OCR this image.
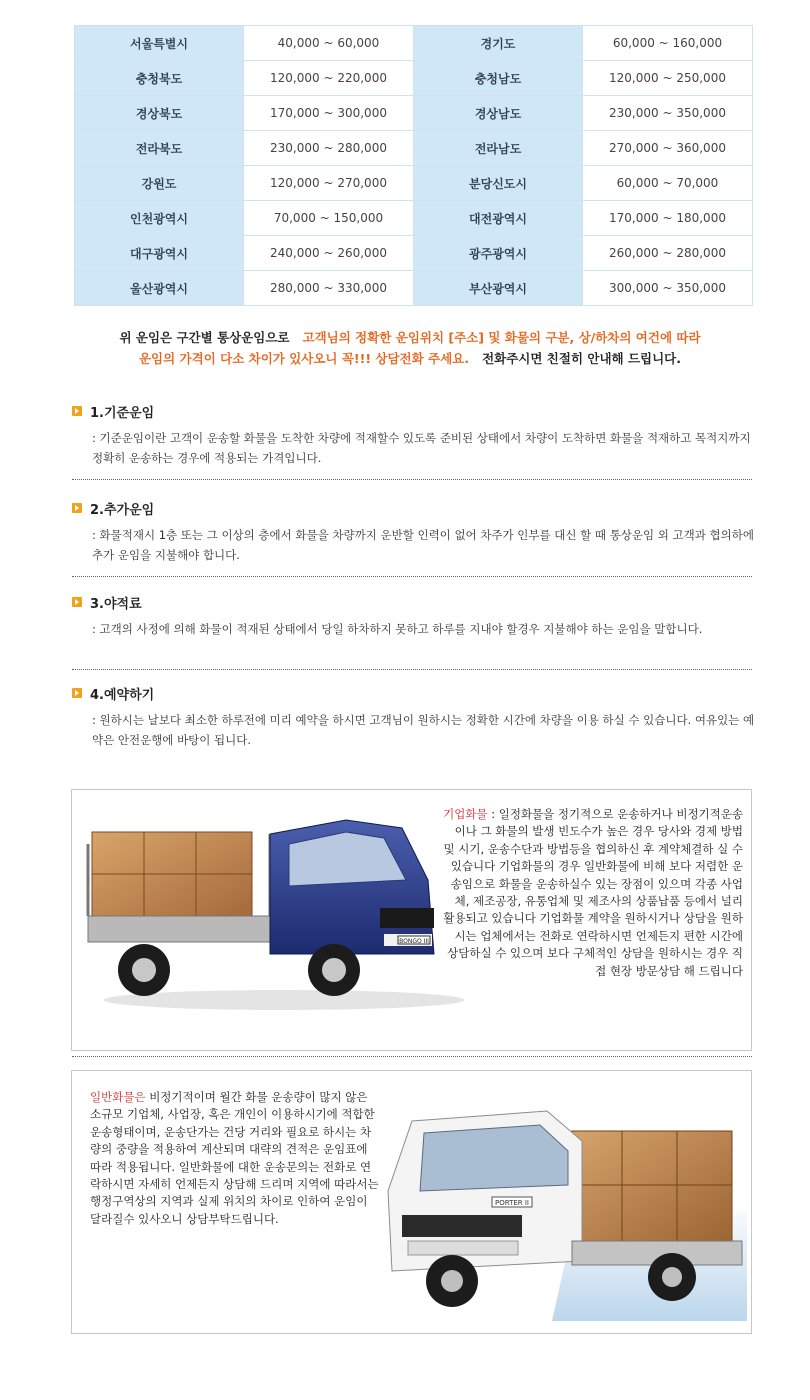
서울특별시	40,000 ~ 60,000	경기도	60,000 ~ 160,000
충청북도	120,000 ~ 220,000	충청남도	120,000 ~ 250,000
경상북도	170,000 ~ 300,000	경상남도	230,000 ~ 350,000
전라북도	230,000 ~ 280,000	전라남도	270,000 ~ 360,000
강원도	120,000 ~ 270,000	분당신도시	60,000 ~ 70,000
인천광역시	70,000 ~ 150,000	대전광역시	170,000 ~ 180,000
대구광역시	240,000 ~ 260,000	광주광역시	260,000 ~ 280,000
울산광역시	280,000 ~ 330,000	부산광역시	300,000 ~ 350,000
위 운임은 구간별 통상운임으로 고객님의 정확한 운임위치 [주소] 및 화물의 구분, 상/하차의 여건에 따라
운임의 가격이 다소 차이가 있사오니 꼭!!! 상담전화 주세요. 전화주시면 친절히 안내해 드립니다.
1.기준운임
: 기준운임이란 고객이 운송할 화물을 도착한 차량에 적재할수 있도록 준비된 상태에서 차량이 도착하면 화물을 적재하고 목적지까지 정확히 운송하는 경우에 적용되는 가격입니다.
2.추가운임
: 화물적재시 1층 또는 그 이상의 층에서 화물을 차량까지 운반할 인력이 없어 차주가 인부를 대신 할 때 통상운임 외 고객과 협의하에 추가 운임을 지불해야 합니다.
3.야적료
: 고객의 사정에 의해 화물이 적재된 상태에서 당일 하차하지 못하고 하루를 지내야 할경우 지불해야 하는 운임을 말합니다.
4.예약하기
: 원하시는 날보다 최소한 하루전에 미리 예약을 하시면 고객님이 원하시는 정확한 시간에 차량을 이용 하실 수 있습니다. 여유있는 예약은 안전운행에 바탕이 됩니다.
BONGO III
기업화물 : 일정화물을 정기적으로 운송하거나 비정기적운송이나 그 화물의 발생 빈도수가 높은 경우 당사와 경제 방법 및 시기, 운송수단과 방법등을 협의하신 후 계약체결하 실 수 있습니다 기업화물의 경우 일반화물에 비해 보다 저렴한 운송임으로 화물을 운송하실수 있는 장점이 있으며 각종 사업체, 제조공장, 유통업체 및 제조사의 상품납품 등에서 널리 활용되고 있습니다 기업화물 계약을 원하시거나 상담을 원하시는 업체에서는 전화로 연락하시면 언제든지 편한 시간에 상담하실 수 있으며 보다 구체적인 상담을 원하시는 경우 직접 현장 방문상담 해 드립니다
일반화물은 비정기적이며 월간 화물 운송량이 많지 않은 소규모 기업체, 사업장, 혹은 개인이 이용하시기에 적합한 운송형태이며, 운송단가는 건당 거리와 필요로 하시는 차량의 중량을 적용하여 계산되며 대략의 견적은 운임표에 따라 적용됩니다. 일반화물에 대한 운송문의는 전화로 연락하시면 자세히 언제든지 상담해 드리며 지역에 따라서는 행정구역상의 지역과 실제 위치의 차이로 인하여 운임이 달라질수 있사오니 상담부탁드립니다.
PORTER II
